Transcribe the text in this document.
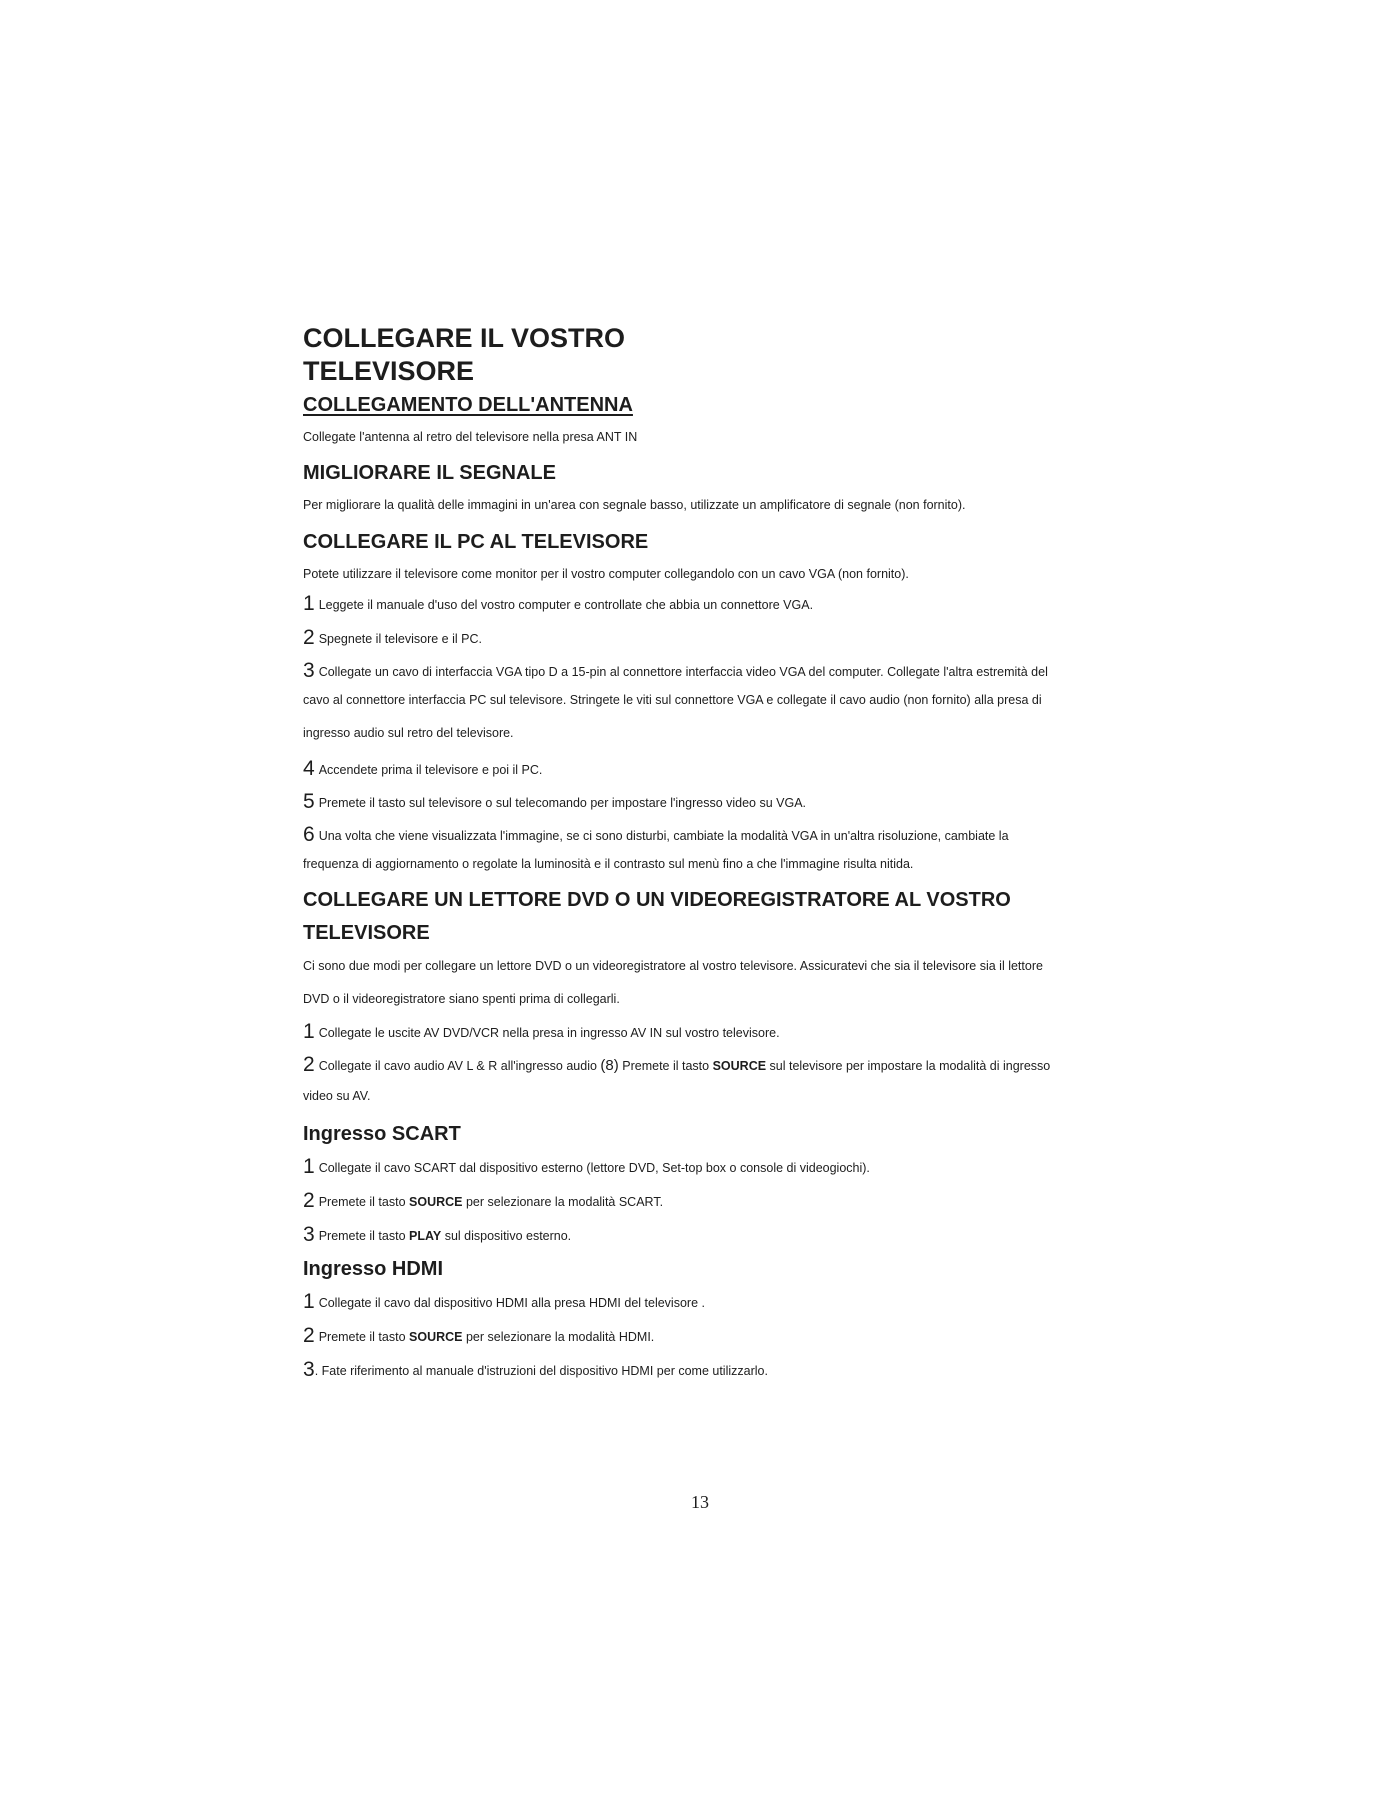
COLLEGARE IL VOSTRO
TELEVISORE
COLLEGAMENTO DELL'ANTENNA

Collegate l'antenna al retro del televisore nella presa ANT IN

MIGLIORARE IL SEGNALE

Per migliorare la qualità delle immagini in un'area con segnale basso, utilizzate un amplificatore di segnale (non fornito).

COLLEGARE IL PC AL TELEVISORE

Potete utilizzare il televisore come monitor per il vostro computer collegandolo con un cavo VGA (non fornito).

1 Leggete il manuale d'uso del vostro computer e controllate che abbia un connettore VGA.

2 Spegnete il televisore e il PC.

3 Collegate un cavo di interfaccia VGA tipo D a 15-pin al connettore interfaccia video VGA del computer. Collegate l'altra estremità del
cavo al connettore interfaccia PC sul televisore. Stringete le viti sul connettore VGA e collegate il cavo audio (non fornito) alla presa di
ingresso audio sul retro del televisore.

4 Accendete prima il televisore e poi il PC.

5 Premete il tasto sul televisore o sul telecomando per impostare l'ingresso video su VGA.

6 Una volta che viene visualizzata l'immagine, se ci sono disturbi, cambiate la modalità VGA in un'altra risoluzione, cambiate la
frequenza di aggiornamento o regolate la luminosità e il contrasto sul menù fino a che l'immagine risulta nitida.
COLLEGARE UN LETTORE DVD O UN VIDEOREGISTRATORE AL VOSTRO
TELEVISORE

Ci sono due modi per collegare un lettore DVD o un videoregistratore al vostro televisore. Assicuratevi che sia il televisore sia il lettore

DVD o il videoregistratore siano spenti prima di collegarli.

1 Collegate le uscite AV DVD/VCR nella presa in ingresso AV IN sul vostro televisore.

2 Collegate il cavo audio AV L & R all'ingresso audio (8) Premete il tasto SOURCE sul televisore per impostare la modalità di ingresso
video su AV.
Ingresso SCART

1 Collegate il cavo SCART dal dispositivo esterno (lettore DVD, Set-top box o console di videogiochi).

2 Premete il tasto SOURCE per selezionare la modalità SCART.

3 Premete il tasto PLAY sul dispositivo esterno.

Ingresso HDMI

1 Collegate il cavo dal dispositivo HDMI alla presa HDMI del televisore .

2 Premete il tasto SOURCE per selezionare la modalità HDMI.

3. Fate riferimento al manuale d'istruzioni del dispositivo HDMI per come utilizzarlo.

13
